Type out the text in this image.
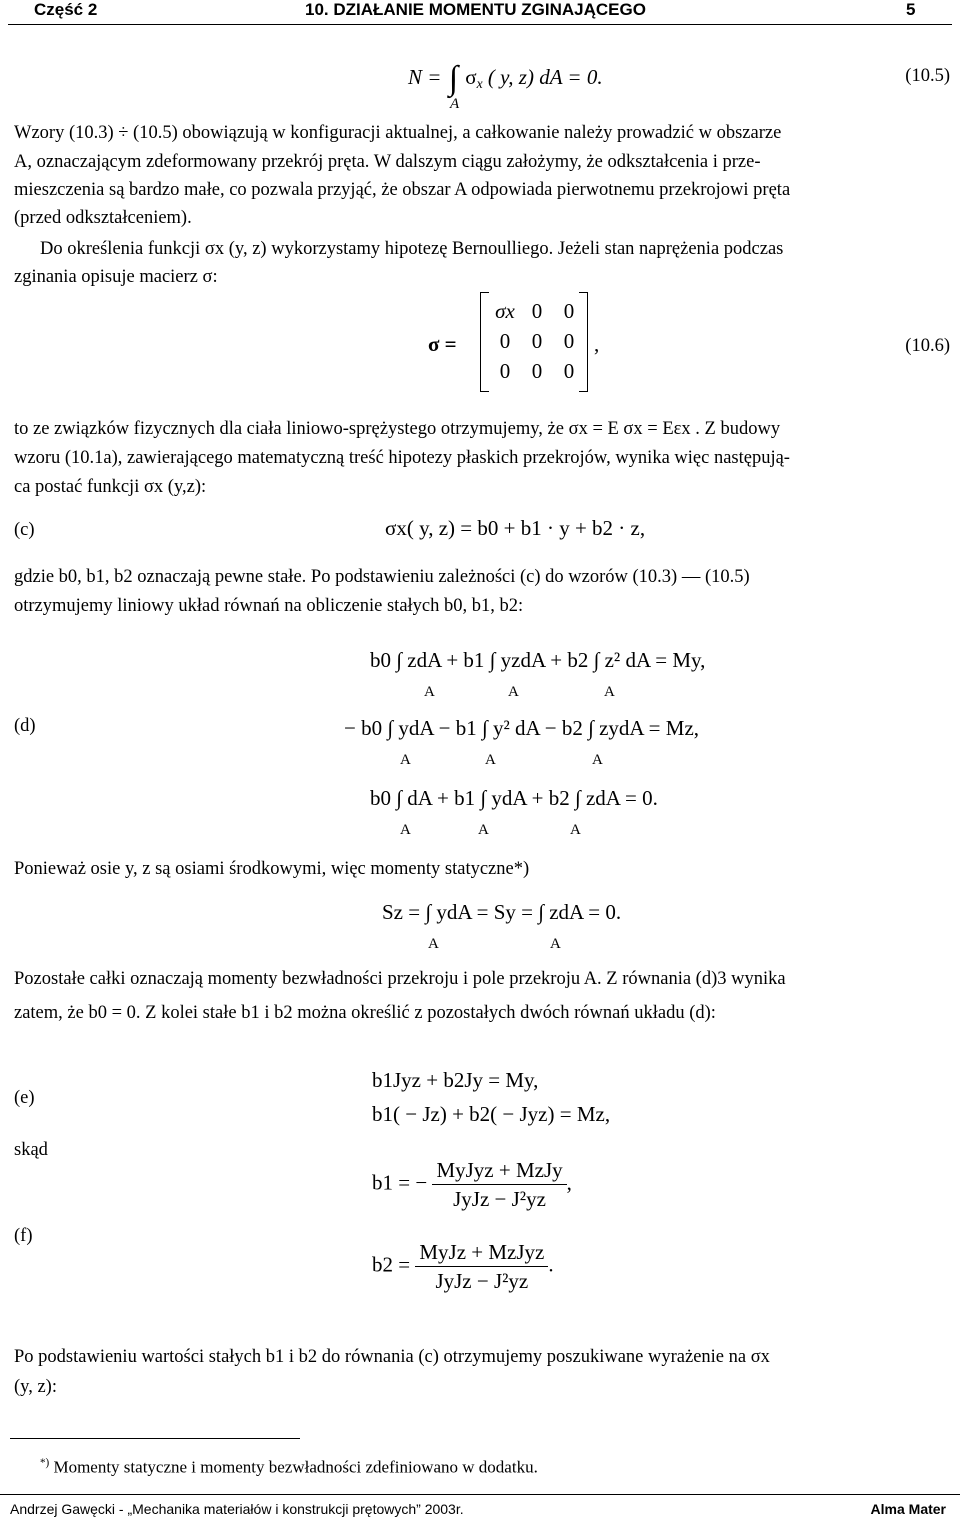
Część 2	10. DZIAŁANIE MOMENTU ZGINAJĄCEGO	5
N = ∫ $\sigma_x$ ( y, z) dA = 0.
A
(10.5)
Wzory (10.3) ÷ (10.5) obowiązują w konfiguracji aktualnej, a całkowanie należy prowadzić w obszarze
A, oznaczającym zdeformowany przekrój pręta. W dalszym ciągu założymy, że odkształcenia i prze-
mieszczenia są bardzo małe, co pozwala przyjąć, że obszar A odpowiada pierwotnemu przekrojowi pręta
(przed odkształceniem).
Do określenia funkcji σx (y, z) wykorzystamy hipotezę Bernoulliego. Jeżeli stan naprężenia podczas
zginania opisuje macierz σ:
σ =
σx	0	0
0	0	0
0	0	0
,	(10.6)
to ze związków fizycznych dla ciała liniowo-sprężystego otrzymujemy, że σx = E σx = Eεx . Z budowy
wzoru (10.1a), zawierającego matematyczną treść hipotezy płaskich przekrojów, wynika więc następują-
ca postać funkcji σx (y,z):
(c)	σx( y, z) = b0 + b1 · y + b2 · z,
gdzie b0, b1, b2 oznaczają pewne stałe. Po podstawieniu zależności (c) do wzorów (10.3) — (10.5)
otrzymujemy liniowy układ równań na obliczenie stałych b0, b1, b2:
b0 ∫ zdA + b1 ∫ yzdA + b2 ∫ z² dA = My,
A	A	A
(d)	− b0 ∫ ydA − b1 ∫ y² dA − b2 ∫ zydA = Mz,
A	A	A
b0 ∫ dA + b1 ∫ ydA + b2 ∫ zdA = 0.
A	A	A
Ponieważ osie y, z są osiami środkowymi, więc momenty statyczne*)
Sz = ∫ ydA = Sy = ∫ zdA = 0.
A	A
Pozostałe całki oznaczają momenty bezwładności przekroju i pole przekroju A. Z równania (d)3 wynika
zatem, że b0 = 0. Z kolei stałe b1 i b2 można określić z pozostałych dwóch równań układu (d):
b1Jyz + b2Jy = My,
(e)
b1( − Jz) + b2( − Jyz) = Mz,
skąd
b1 = − $\frac{\text{MyJyz + MzJy}}{\text{JyJz − J²yz}}$ ,
(f)
$b2 = \frac{\text{MyJz + MzJyz}}{\text{JyJz − J²yz}}$ .
Po podstawieniu wartości stałych b1 i b2 do równania (c) otrzymujemy poszukiwane wyrażenie na σx
(y, z):
*) Momenty statyczne i momenty bezwładności zdefiniowano w dodatku.
Andrzej Gawęcki - „Mechanika materiałów i konstrukcji prętowych” 2003r.	Alma Mater
